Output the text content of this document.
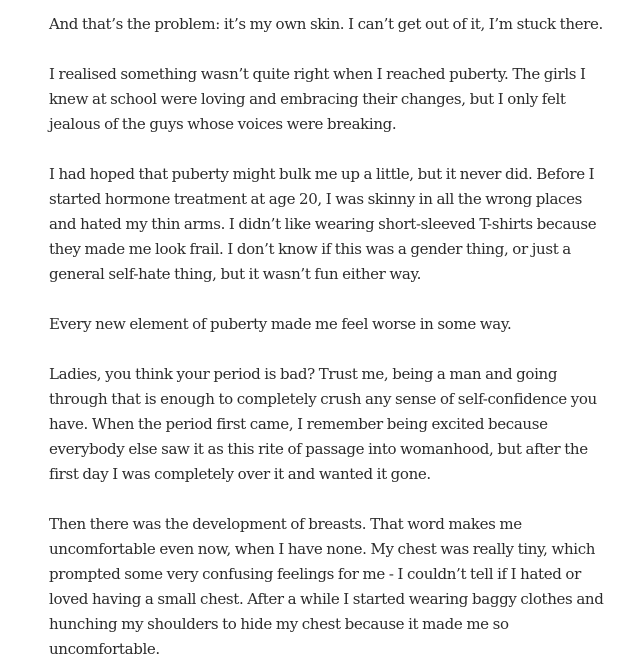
And that’s the problem: it’s my own skin. I can’t get out of it, I’m stuck there.

I realised something wasn’t quite right when I reached puberty. The girls I knew at school were loving and embracing their changes, but I only felt jealous of the guys whose voices were breaking.

I had hoped that puberty might bulk me up a little, but it never did. Before I started hormone treatment at age 20, I was skinny in all the wrong places and hated my thin arms. I didn’t like wearing short-sleeved T-shirts because they made me look frail. I don’t know if this was a gender thing, or just a general self-hate thing, but it wasn’t fun either way.

Every new element of puberty made me feel worse in some way.

Ladies, you think your period is bad? Trust me, being a man and going through that is enough to completely crush any sense of self-confidence you have. When the period first came, I remember being excited because everybody else saw it as this rite of passage into womanhood, but after the first day I was completely over it and wanted it gone.

Then there was the development of breasts. That word makes me uncomfortable even now, when I have none. My chest was really tiny, which prompted some very confusing feelings for me - I couldn’t tell if I hated or loved having a small chest. After a while I started wearing baggy clothes and hunching my shoulders to hide my chest because it made me so uncomfortable.
